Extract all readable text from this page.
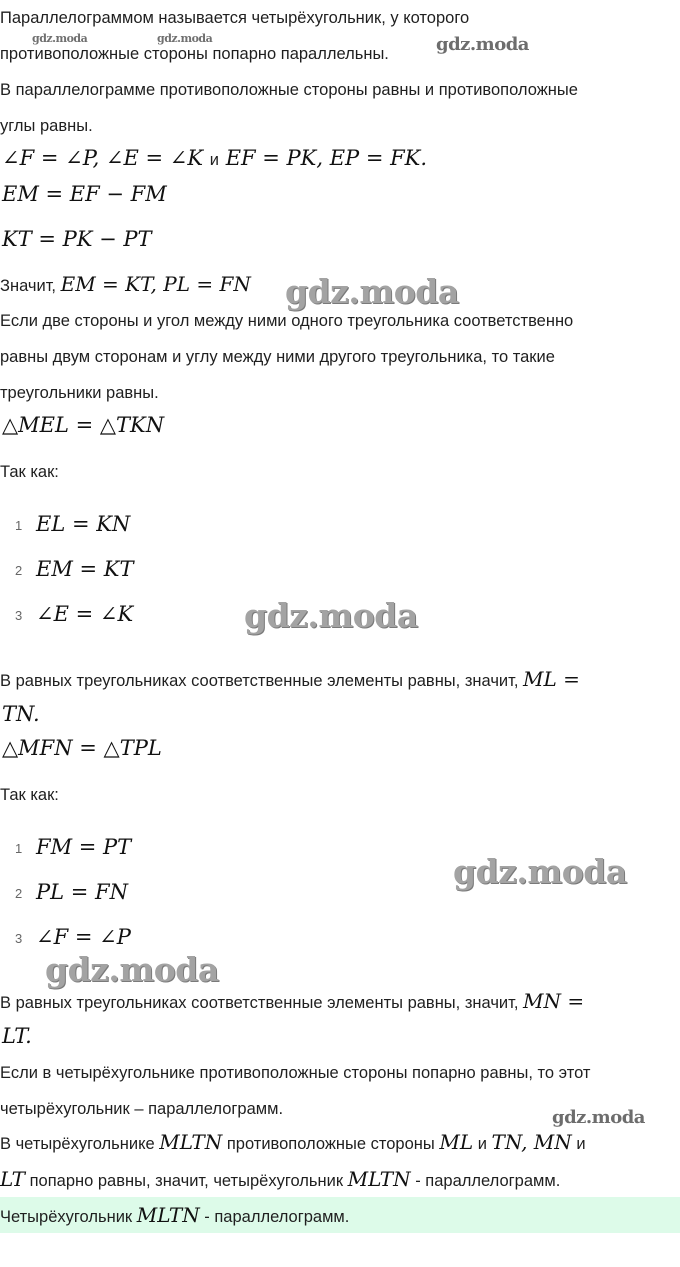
Параллелограммом называется четырёхугольник, у которого
противоположные стороны попарно параллельны.
В параллелограмме противоположные стороны равны и противоположные
углы равны.
∠F = ∠P, ∠E = ∠K и EF = PK, EP = FK.
EM = EF − FM
KT = PK − PT
Значит, EM = KT, PL = FN
Если две стороны и угол между ними одного треугольника соответственно
равны двум сторонам и углу между ними другого треугольника, то такие
треугольники равны.
△MEL = △TKN
Так как:
1 EL = KN
2 EM = KT
3 ∠E = ∠K
В равных треугольниках соответственные элементы равны, значит, ML =
TN.
△MFN = △TPL
Так как:
1 FM = PT
2 PL = FN
3 ∠F = ∠P
В равных треугольниках соответственные элементы равны, значит, MN =
LT.
Если в четырёхугольнике противоположные стороны попарно равны, то этот
четырёхугольник – параллелограмм.
В четырёхугольнике MLTN противоположные стороны ML и TN, MN и
LT попарно равны, значит, четырёхугольник MLTN - параллелограмм.
Четырёхугольник MLTN - параллелограмм.
gdz.moda	gdz.moda	gdz.moda
gdz.moda
gdz.moda
gdz.moda
gdz.moda
gdz.moda
